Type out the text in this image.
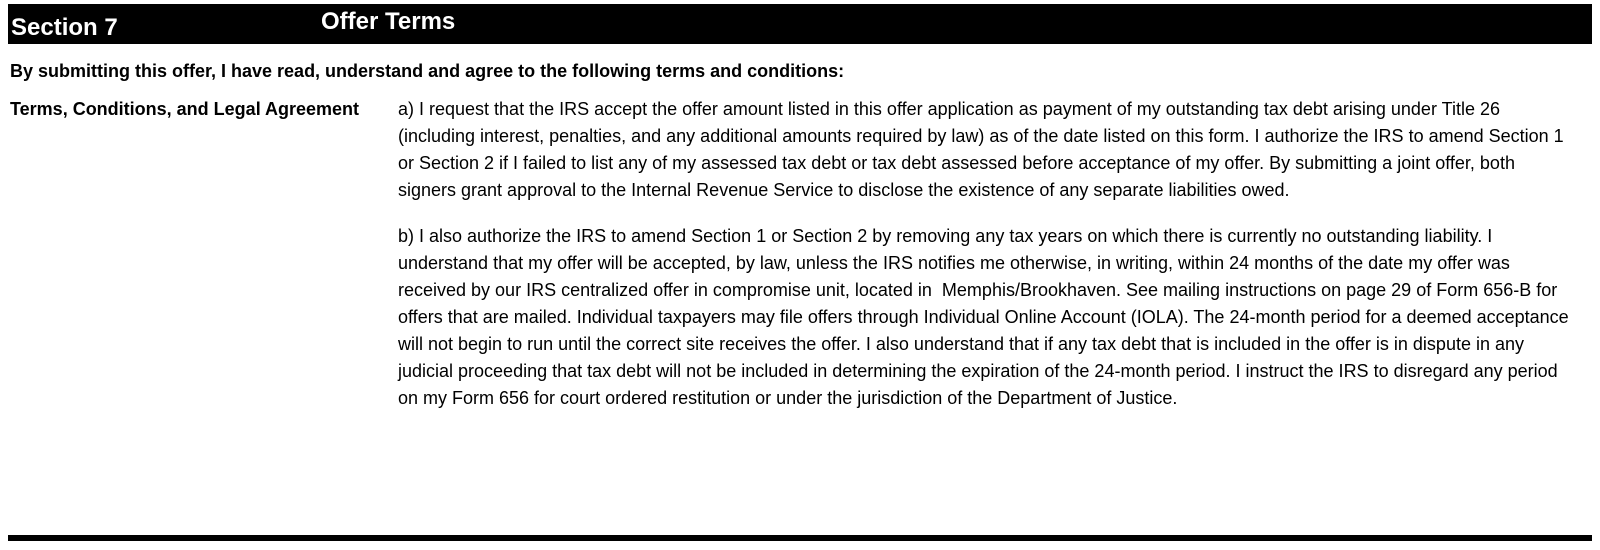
Section 7	Offer Terms
By submitting this offer, I have read, understand and agree to the following terms and conditions:
Terms, Conditions, and Legal Agreement a) I request that the IRS accept the offer amount listed in this offer application as payment of my outstanding tax debt arising under Title 26 (including interest, penalties, and any additional amounts required by law) as of the date listed on this form. I authorize the IRS to amend Section 1 or Section 2 if I failed to list any of my assessed tax debt or tax debt assessed before acceptance of my offer. By submitting a joint offer, both signers grant approval to the Internal Revenue Service to disclose the existence of any separate liabilities owed.

b) I also authorize the IRS to amend Section 1 or Section 2 by removing any tax years on which there is currently no outstanding liability. I understand that my offer will be accepted, by law, unless the IRS notifies me otherwise, in writing, within 24 months of the date my offer was received by our IRS centralized offer in compromise unit, located in  Memphis/Brookhaven. See mailing instructions on page 29 of Form 656-B for offers that are mailed. Individual taxpayers may file offers through Individual Online Account (IOLA). The 24-month period for a deemed acceptance will not begin to run until the correct site receives the offer. I also understand that if any tax debt that is included in the offer is in dispute in any judicial proceeding that tax debt will not be included in determining the expiration of the 24-month period. I instruct the IRS to disregard any period on my Form 656 for court ordered restitution or under the jurisdiction of the Department of Justice.
